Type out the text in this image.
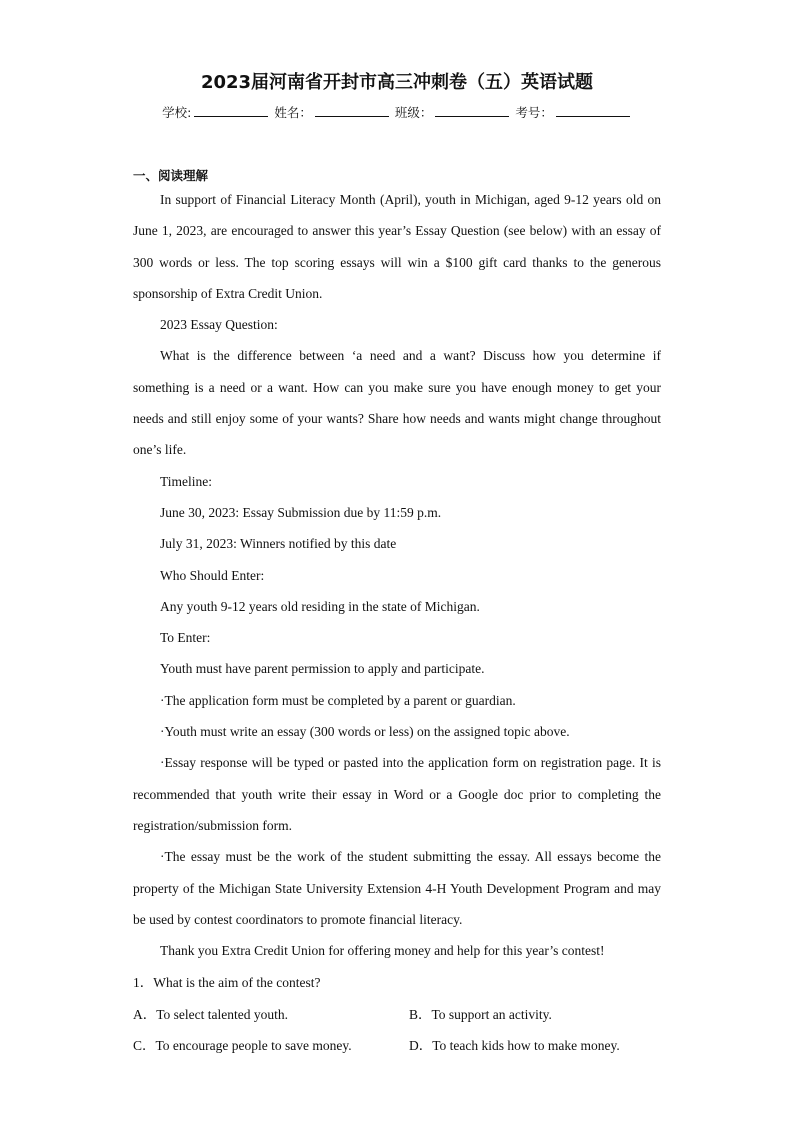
2023届河南省开封市高三冲刺卷（五）英语试题
学校:	姓名：	班级：	考号：
一、阅读理解

In support of Financial Literacy Month (April), youth in Michigan, aged 9-12 years old on June 1, 2023, are encouraged to answer this year’s Essay Question (see below) with an essay of 300 words or less. The top scoring essays will win a $100 gift card thanks to the generous sponsorship of Extra Credit Union.

2023 Essay Question:

What is the difference between ‘a need and a want? Discuss how you determine if something is a need or a want. How can you make sure you have enough money to get your needs and still enjoy some of your wants? Share how needs and wants might change throughout one’s life.

Timeline:

June 30, 2023: Essay Submission due by 11:59 p.m.

July 31, 2023: Winners notified by this date

Who Should Enter:

Any youth 9-12 years old residing in the state of Michigan.

To Enter:

Youth must have parent permission to apply and participate.

·The application form must be completed by a parent or guardian.

·Youth must write an essay (300 words or less) on the assigned topic above.

·Essay response will be typed or pasted into the application form on registration page. It is recommended that youth write their essay in Word or a Google doc prior to completing the registration/submission form.

·The essay must be the work of the student submitting the essay. All essays become the property of the Michigan State University Extension 4-H Youth Development Program and may be used by contest coordinators to promote financial literacy.

Thank you Extra Credit Union for offering money and help for this year’s contest!

1．What is the aim of the contest?
A．To select talented youth.	B．To support an activity.
C．To encourage people to save money.	D．To teach kids how to make money.
